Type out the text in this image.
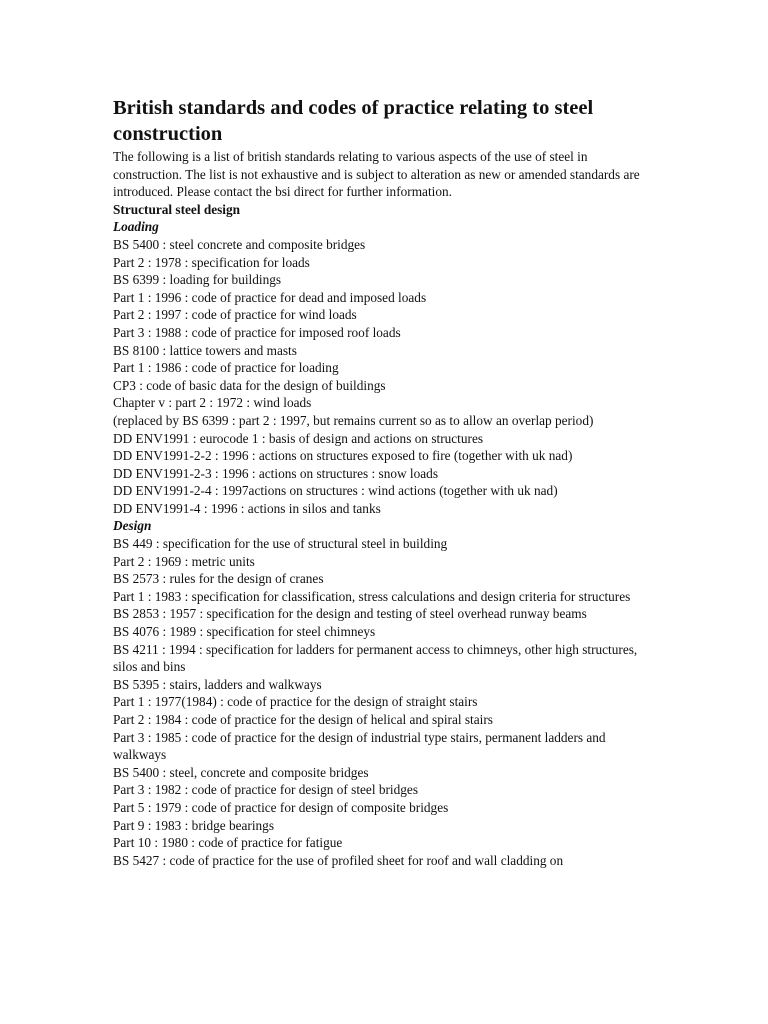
British standards and codes of practice relating to steel construction

The following is a list of british standards relating to various aspects of the use of steel in construction. The list is not exhaustive and is subject to alteration as new or amended standards are introduced. Please contact the bsi direct for further information.

Structural steel design

Loading

BS 5400 : steel concrete and composite bridges

Part 2 : 1978 : specification for loads

BS 6399 : loading for buildings

Part 1 : 1996 : code of practice for dead and imposed loads

Part 2 : 1997 : code of practice for wind loads

Part 3 : 1988 : code of practice for imposed roof loads

BS 8100 : lattice towers and masts

Part 1 : 1986 : code of practice for loading

CP3 : code of basic data for the design of buildings

Chapter v : part 2 : 1972 : wind loads

(replaced by BS 6399 : part 2 : 1997, but remains current so as to allow an overlap period)

DD ENV1991 : eurocode 1 : basis of design and actions on structures

DD ENV1991-2-2 : 1996 : actions on structures exposed to fire (together with uk nad)

DD ENV1991-2-3 : 1996 : actions on structures : snow loads

DD ENV1991-2-4 : 1997actions on structures : wind actions (together with uk nad)

DD ENV1991-4 : 1996 : actions in silos and tanks

Design

BS 449 : specification for the use of structural steel in building

Part 2 : 1969 : metric units

BS 2573 : rules for the design of cranes

Part 1 : 1983 : specification for classification, stress calculations and design criteria for structures

BS 2853 : 1957 : specification for the design and testing of steel overhead runway beams

BS 4076 : 1989 : specification for steel chimneys

BS 4211 : 1994 : specification for ladders for permanent access to chimneys, other high structures, silos and bins

BS 5395 : stairs, ladders and walkways

Part 1 : 1977(1984) : code of practice for the design of straight stairs

Part 2 : 1984 : code of practice for the design of helical and spiral stairs

Part 3 : 1985 : code of practice for the design of industrial type stairs, permanent ladders and walkways

BS 5400 : steel, concrete and composite bridges

Part 3 : 1982 : code of practice for design of steel bridges

Part 5 : 1979 : code of practice for design of composite bridges

Part 9 : 1983 : bridge bearings

Part 10 : 1980 : code of practice for fatigue

BS 5427 : code of practice for the use of profiled sheet for roof and wall cladding on
